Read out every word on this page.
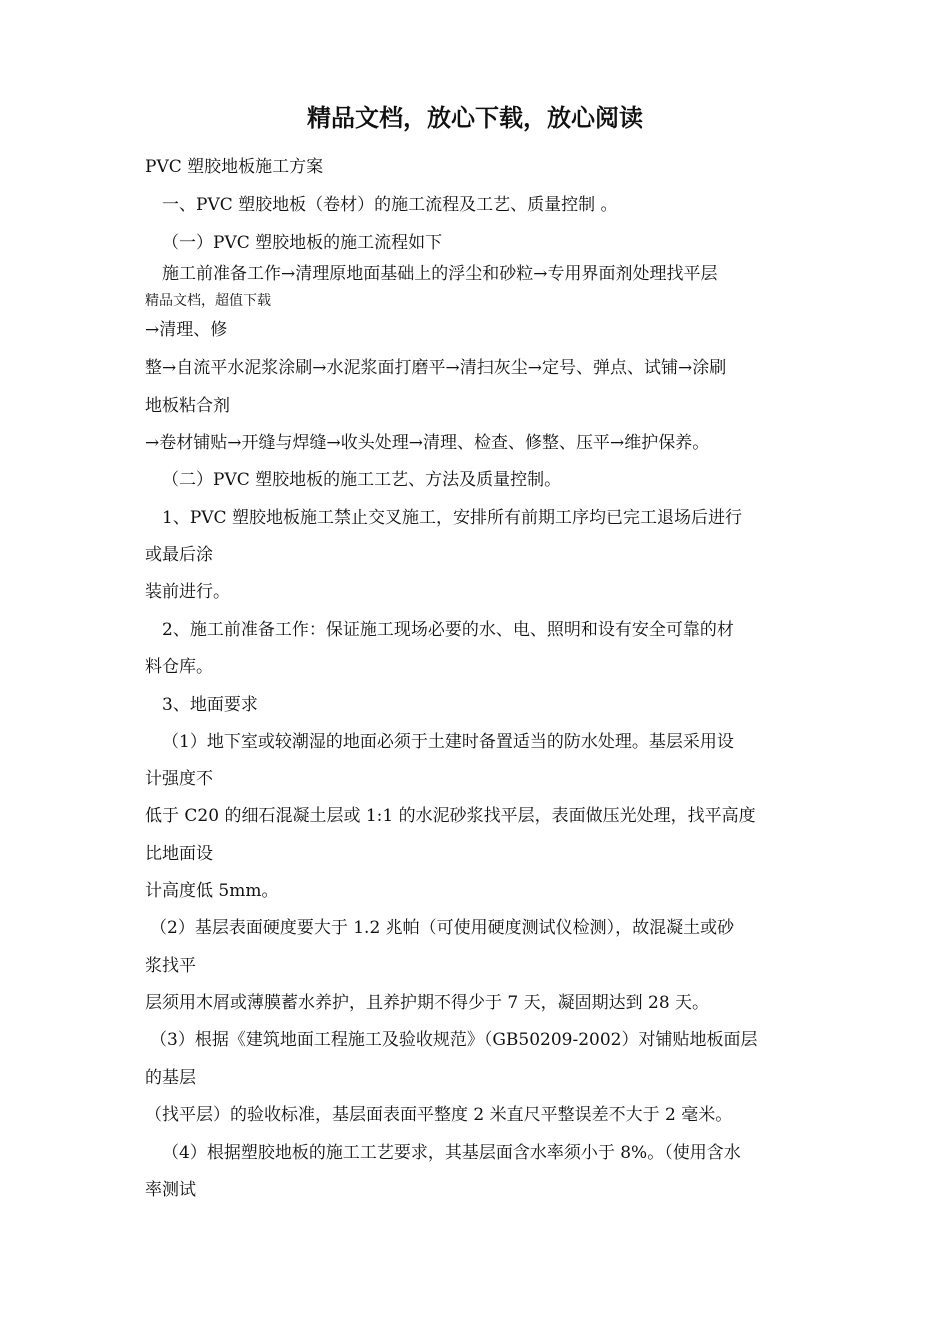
精品文档，放心下载，放心阅读
PVC 塑胶地板施工方案
一、PVC 塑胶地板（卷材）的施工流程及工艺、质量控制 。
（一）PVC 塑胶地板的施工流程如下
施工前准备工作→清理原地面基础上的浮尘和砂粒→专用界面剂处理找平层
精品文档，超值下载
→清理、修
整→自流平水泥浆涂刷→水泥浆面打磨平→清扫灰尘→定号、弹点、试铺→涂刷
地板粘合剂
→卷材铺贴→开缝与焊缝→收头处理→清理、检查、修整、压平→维护保养。
（二）PVC 塑胶地板的施工工艺、方法及质量控制。
1、PVC 塑胶地板施工禁止交叉施工，安排所有前期工序均已完工退场后进行
或最后涂
装前进行。
2、施工前准备工作：保证施工现场必要的水、电、照明和设有安全可靠的材
料仓库。
3、地面要求
（1）地下室或较潮湿的地面必须于土建时备置适当的防水处理。基层采用设
计强度不
低于 C20 的细石混凝土层或 1:1 的水泥砂浆找平层，表面做压光处理，找平高度
比地面设
计高度低 5mm。
（2）基层表面硬度要大于 1.2 兆帕（可使用硬度测试仪检测），故混凝土或砂
浆找平
层须用木屑或薄膜蓄水养护，且养护期不得少于 7 天，凝固期达到 28 天。
（3）根据《建筑地面工程施工及验收规范》（GB50209-2002）对铺贴地板面层
的基层
（找平层）的验收标准，基层面表面平整度 2 米直尺平整误差不大于 2 毫米。
（4）根据塑胶地板的施工工艺要求，其基层面含水率须小于 8%。（使用含水
率测试
